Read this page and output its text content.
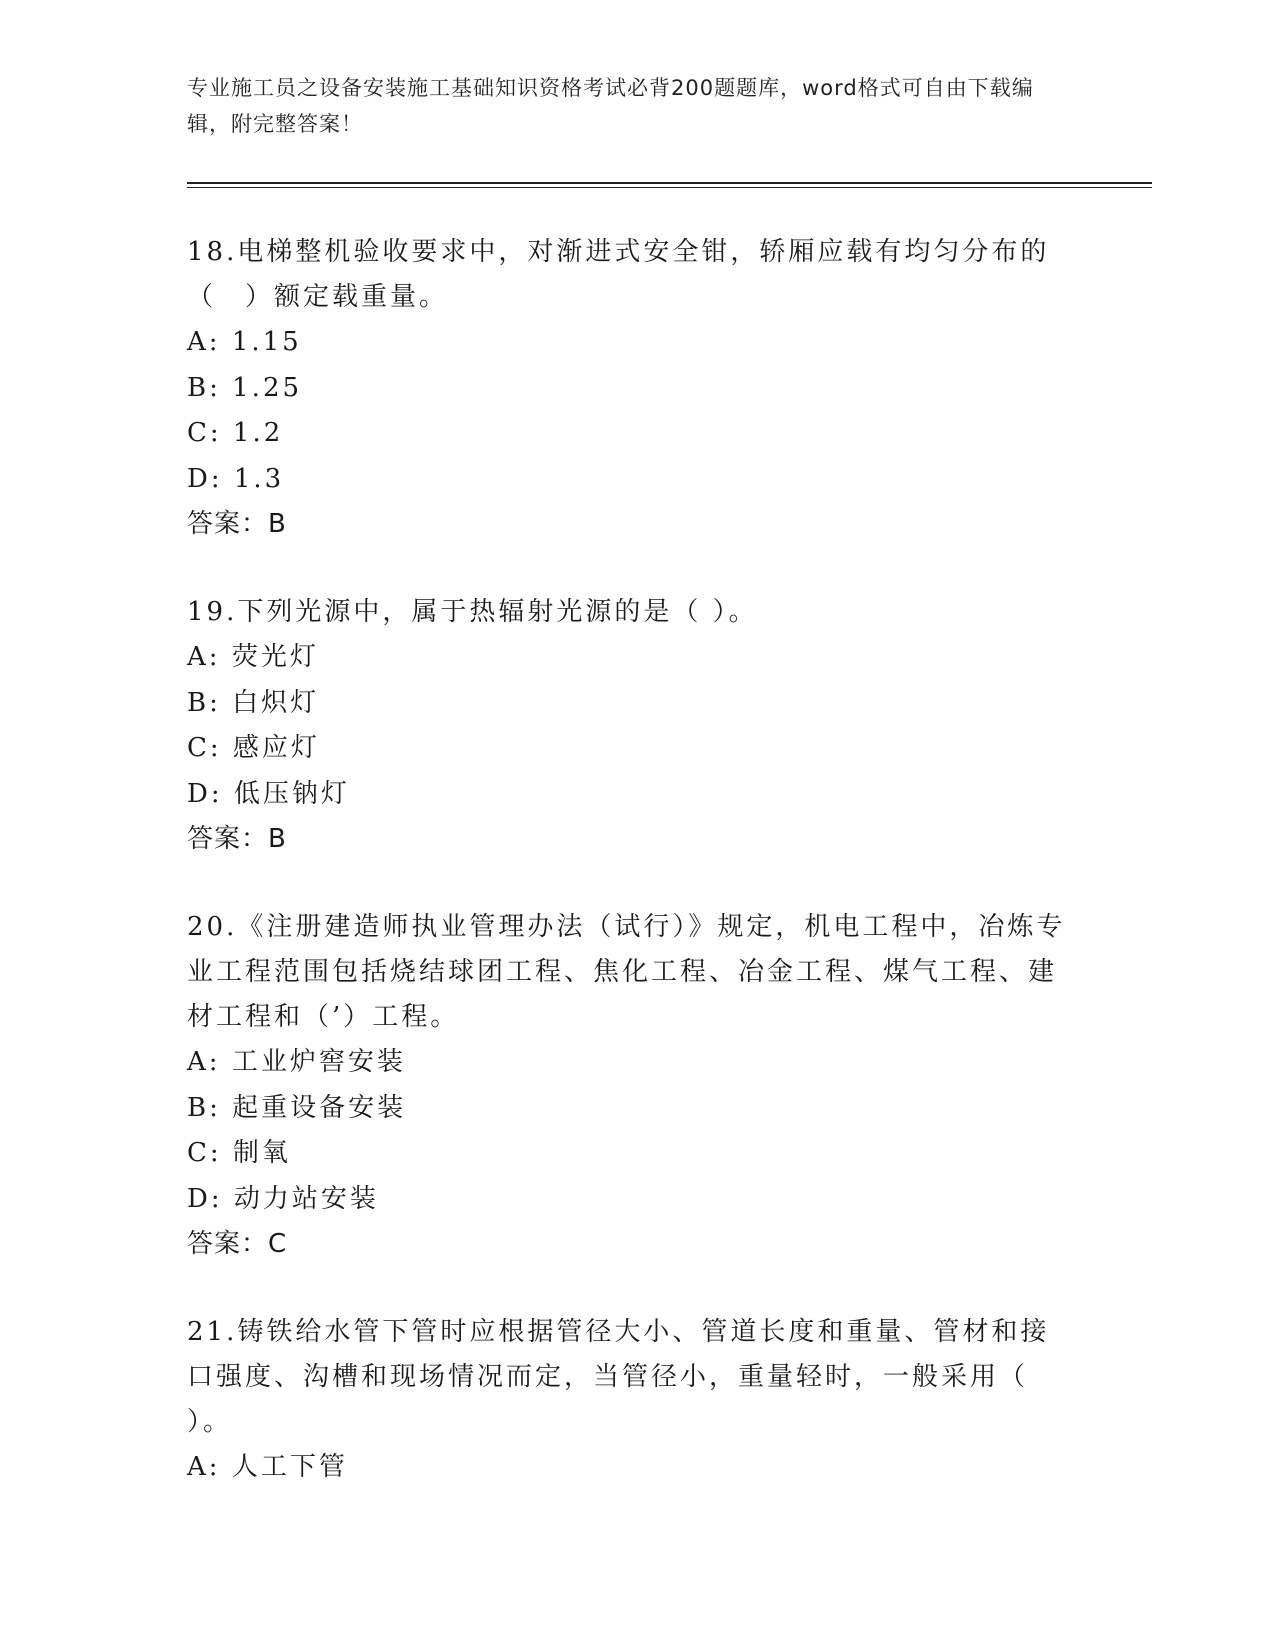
专业施工员之设备安装施工基础知识资格考试必背200题题库，word格式可自由下载编辑，附完整答案！
18.电梯整机验收要求中，对渐进式安全钳，轿厢应载有均匀分布的（　）额定载重量。
A: 1.15
B: 1.25
C: 1.2
D: 1.3
答案：B
19.下列光源中，属于热辐射光源的是（ ）。
A: 荧光灯
B: 白炽灯
C: 感应灯
D: 低压钠灯
答案：B
20.《注册建造师执业管理办法（试行）》规定，机电工程中，冶炼专业工程范围包括烧结球团工程、焦化工程、冶金工程、煤气工程、建材工程和（’）工程。
A: 工业炉窖安装
B: 起重设备安装
C: 制氧
D: 动力站安装
答案：C
21.铸铁给水管下管时应根据管径大小、管道长度和重量、管材和接口强度、沟槽和现场情况而定，当管径小，重量轻时，一般采用（ ）。
A: 人工下管
